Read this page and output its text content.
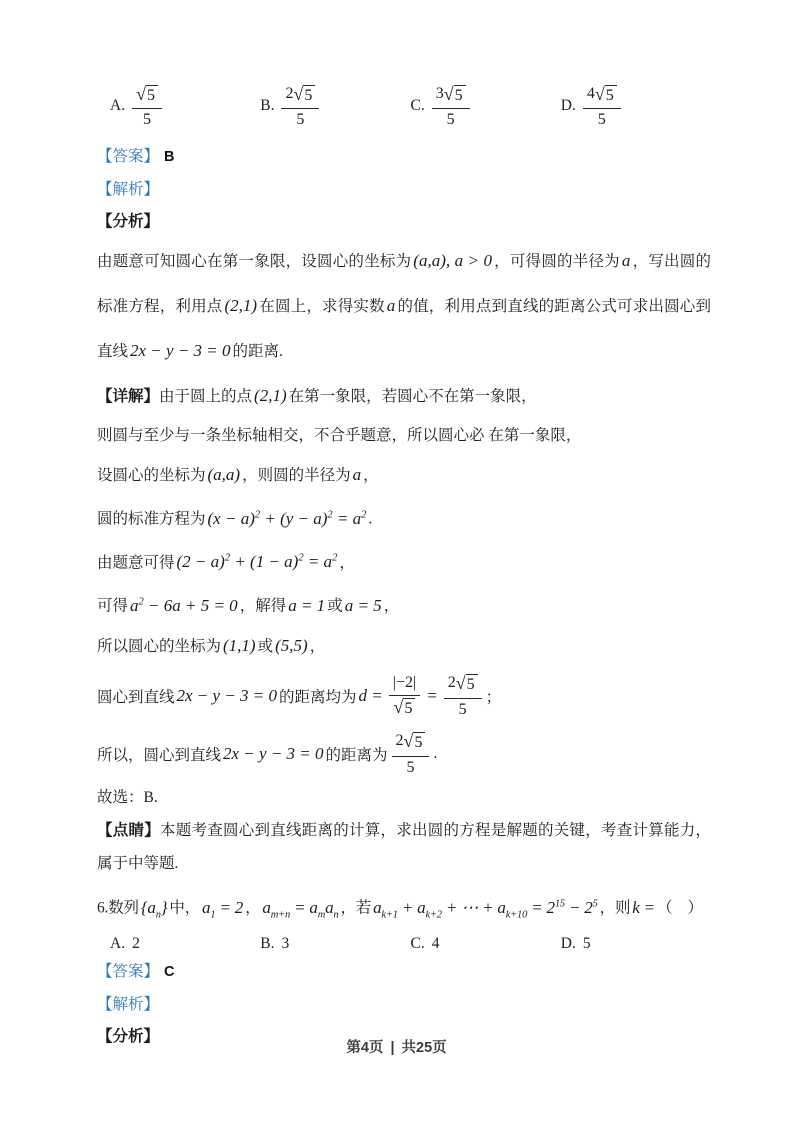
A. $\frac{√ 5}{5}$	B. $\frac{2 √ 5}{5}$	C. $\frac{3 √ 5}{5}$	D. $\frac{4 √ 5}{5}$
【答案】 B
【解析】
【分析】
由题意可知圆心在第一象限，设圆心的坐标为 (a,a), a > 0 ，可得圆的半径为 a ，写出圆的标准方程，利用点 (2,1) 在圆上，求得实数 a 的值，利用点到直线的距离公式可求出圆心到直线 2x − y − 3 = 0 的距离.
【详解】由于圆上的点 (2,1) 在第一象限，若圆心不在第一象限，
则圆与至少与一条坐标轴相交，不合乎题意，所以圆心必 在第一象限，
设圆心的坐标为 (a,a) ，则圆的半径为 a ，
圆的标准方程为 $(x - a)^2 + (y - a)^2 = a^2$ .
由题意可得 $(2 - a)^2 + (1 - a)^2 = a^2$ ，
可得 $a^2 - 6a + 5 = 0$ ，解得 a = 1 或 a = 5 ，
所以圆心的坐标为 (1,1) 或 (5,5) ，
圆心到直线 2x − y − 3 = 0 的距离均为 $d = \frac{|-2|}{√ 5} = \frac{2 √ 5}{5}$ ；
所以，圆心到直线 2x − y − 3 = 0 的距离为 $\frac{2 √ 5}{5}$ .
故选：B.
【点睛】本题考查圆心到直线距离的计算，求出圆的方程是解题的关键，考查计算能力，属于中等题.
6.数列 $\{a_n\}$ 中， $a_1 = 2$ ， $a_{m+n} = a_ma_n$ ，若 $a_{k+1} + a_{k+2}$ + ⋯ + $a_{k+10} = 2^{15} - 2^5$ ，则 k = （　）
A. 2	B. 3	C. 4	D. 5
【答案】 C
【解析】
【分析】
第4页 | 共25页
